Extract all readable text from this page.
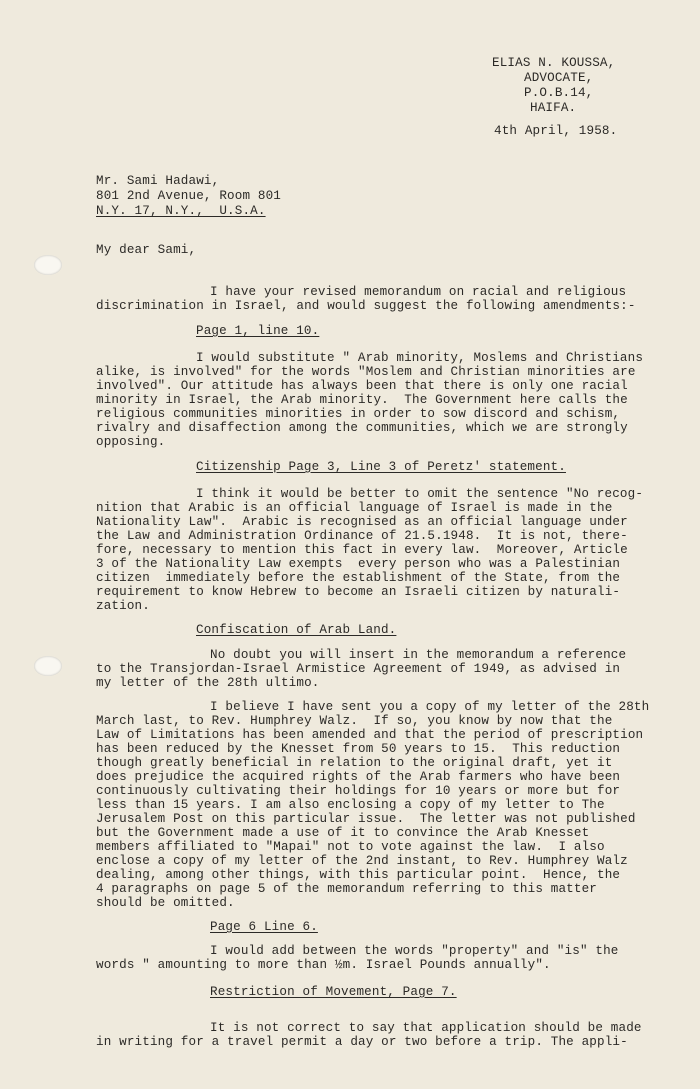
ELIAS N. KOUSSA,
ADVOCATE,
P.O.B.14,
HAIFA.
4th April, 1958.
Mr. Sami Hadawi,
801 2nd Avenue, Room 801
N.Y. 17, N.Y.,  U.S.A.
My dear Sami,
I have your revised memorandum on racial and religious
discrimination in Israel, and would suggest the following amendments:-
Page 1, line 10.
I would substitute " Arab minority, Moslems and Christians
alike, is involved" for the words "Moslem and Christian minorities are
involved". Our attitude has always been that there is only one racial
minority in Israel, the Arab minority.  The Government here calls the
religious communities minorities in order to sow discord and schism,
rivalry and disaffection among the communities, which we are strongly
opposing.
Citizenship Page 3, Line 3 of Peretz' statement.
I think it would be better to omit the sentence "No recog-
nition that Arabic is an official language of Israel is made in the
Nationality Law".  Arabic is recognised as an official language under
the Law and Administration Ordinance of 21.5.1948.  It is not, there-
fore, necessary to mention this fact in every law.  Moreover, Article
3 of the Nationality Law exempts  every person who was a Palestinian
citizen  immediately before the establishment of the State, from the
requirement to know Hebrew to become an Israeli citizen by naturali-
zation.
Confiscation of Arab Land.
No doubt you will insert in the memorandum a reference
to the Transjordan-Israel Armistice Agreement of 1949, as advised in
my letter of the 28th ultimo.
I believe I have sent you a copy of my letter of the 28th
March last, to Rev. Humphrey Walz.  If so, you know by now that the
Law of Limitations has been amended and that the period of prescription
has been reduced by the Knesset from 50 years to 15.  This reduction
though greatly beneficial in relation to the original draft, yet it
does prejudice the acquired rights of the Arab farmers who have been
continuously cultivating their holdings for 10 years or more but for
less than 15 years. I am also enclosing a copy of my letter to The
Jerusalem Post on this particular issue.  The letter was not published
but the Government made a use of it to convince the Arab Knesset
members affiliated to "Mapai" not to vote against the law.  I also
enclose a copy of my letter of the 2nd instant, to Rev. Humphrey Walz
dealing, among other things, with this particular point.  Hence, the
4 paragraphs on page 5 of the memorandum referring to this matter
should be omitted.
Page 6 Line 6.
I would add between the words "property" and "is" the
words " amounting to more than ½m. Israel Pounds annually".
Restriction of Movement, Page 7.
It is not correct to say that application should be made
in writing for a travel permit a day or two before a trip. The appli-
